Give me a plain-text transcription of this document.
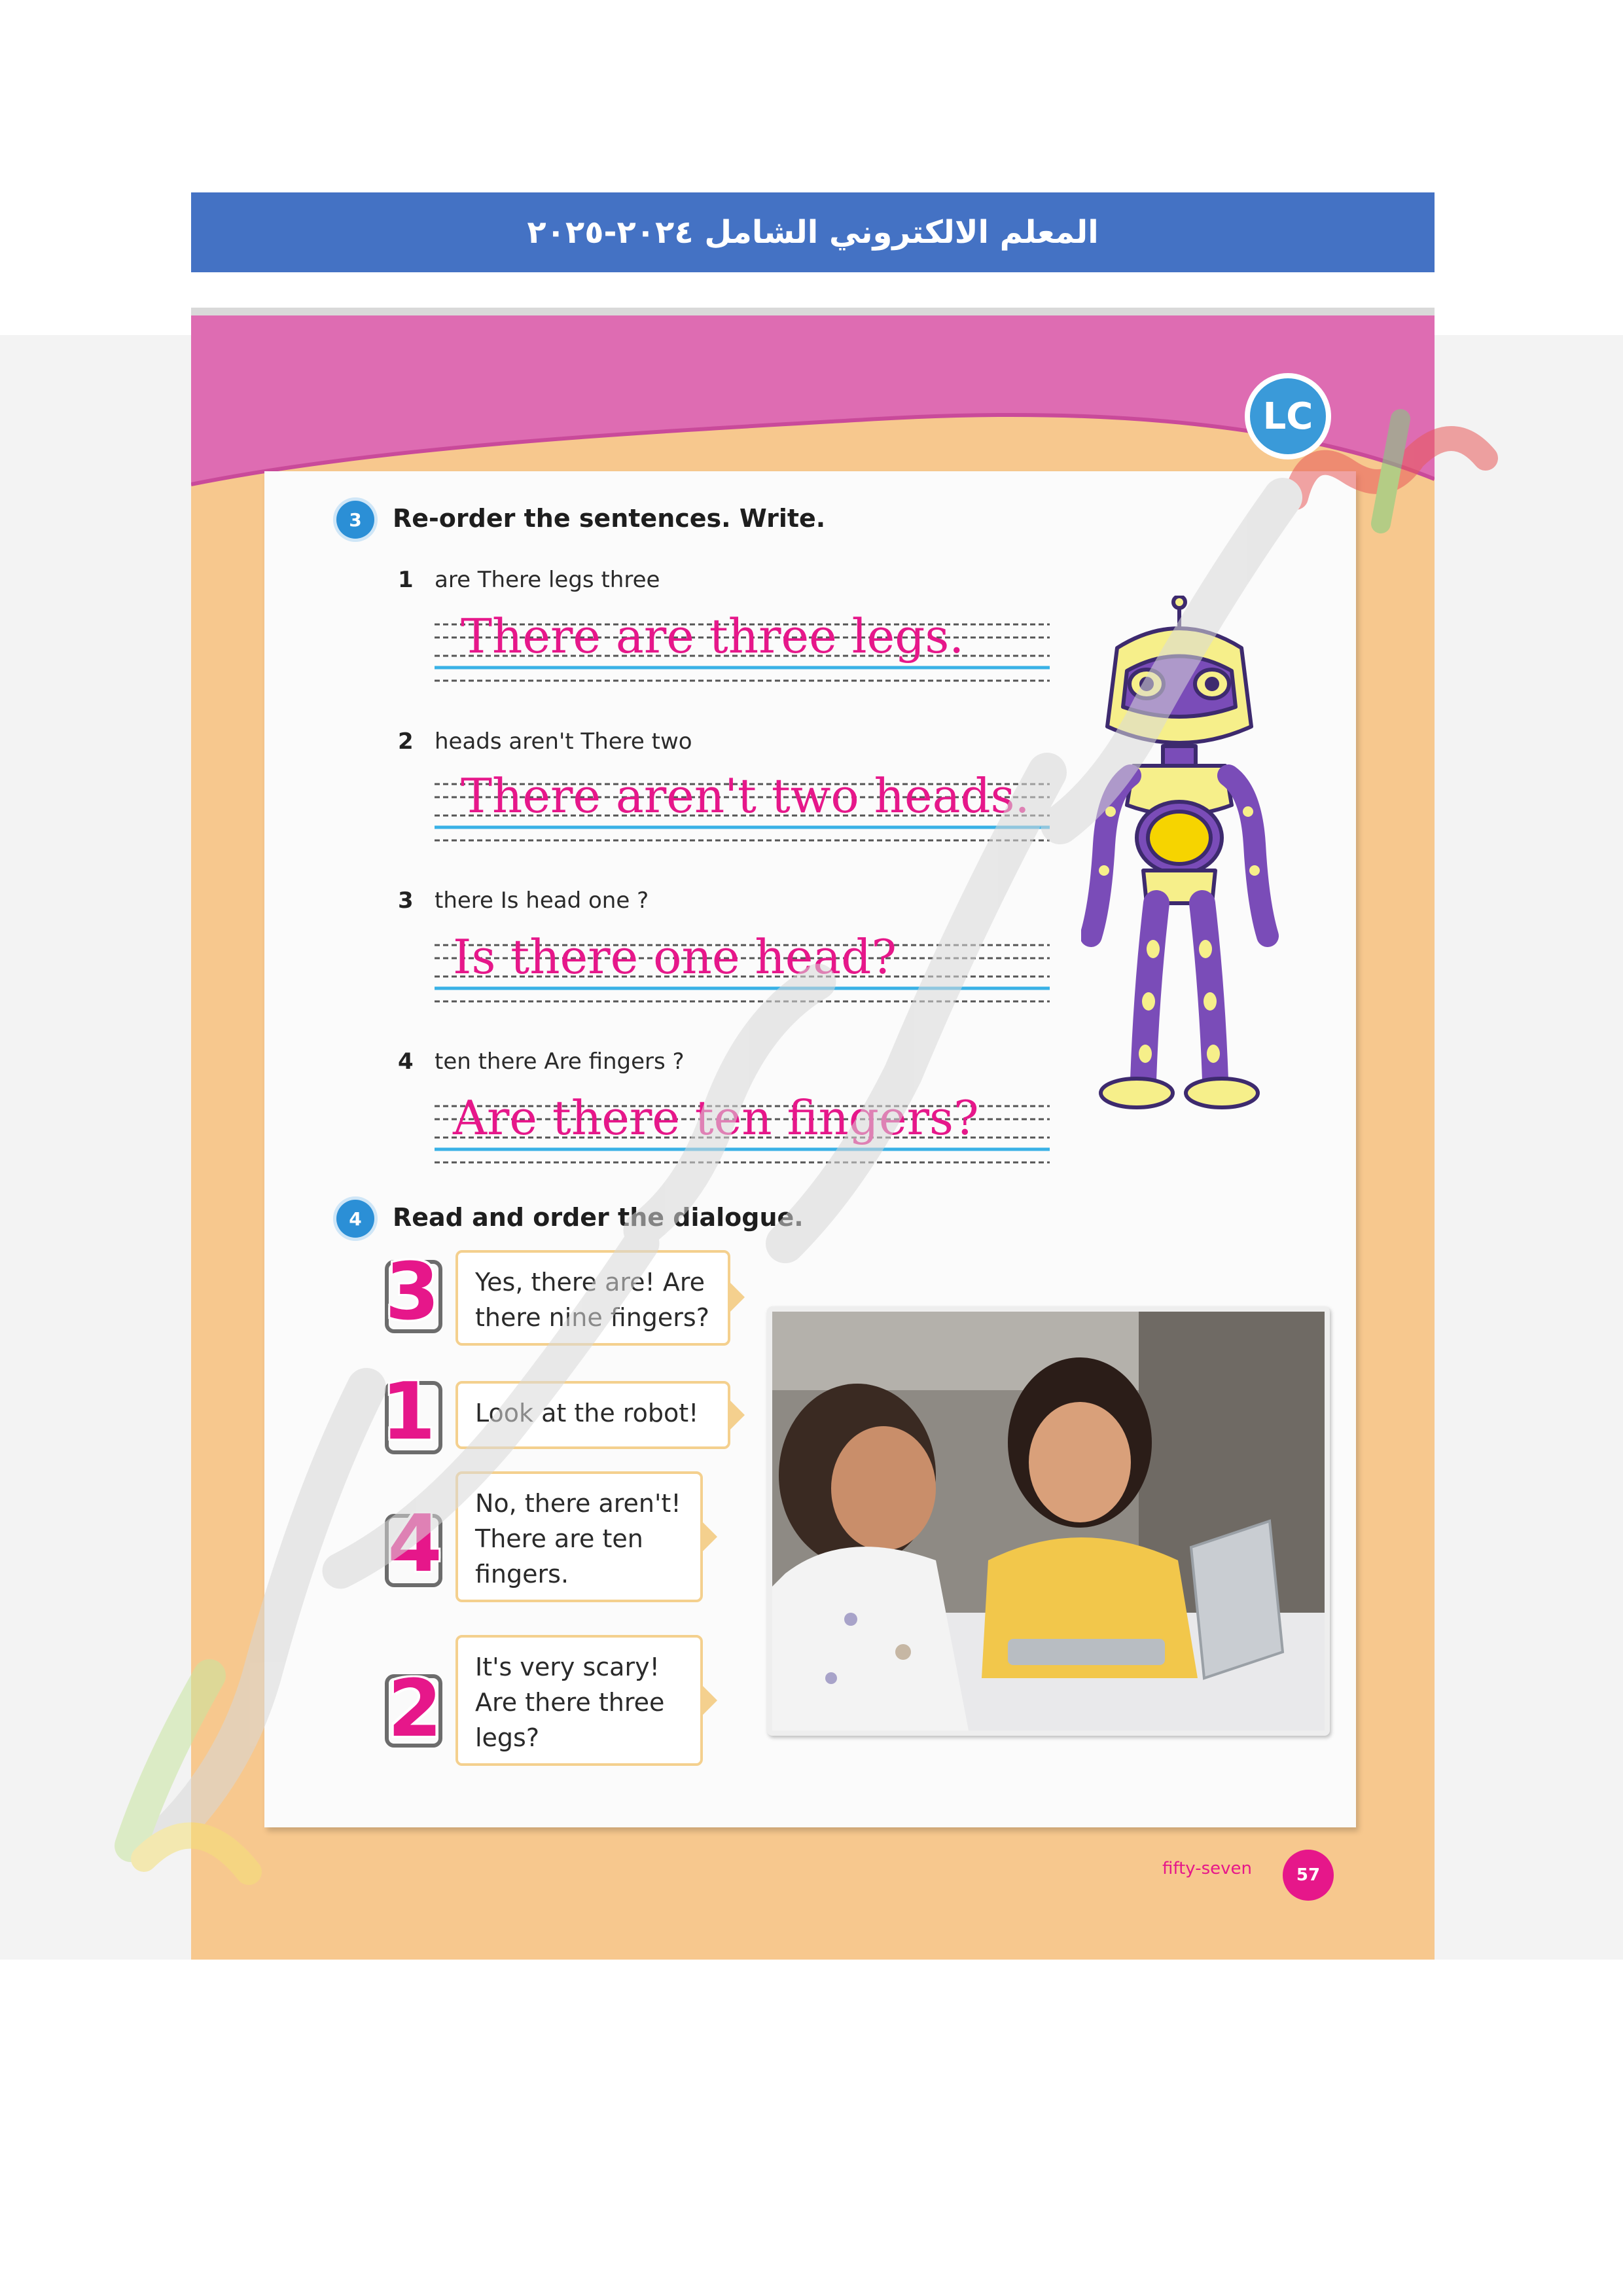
المعلم الالكتروني الشامل ٢٠٢٤-٢٠٢٥
LC
3	Re-order the sentences. Write.
1 are There legs three
There are three legs.
2 heads aren't There two
There aren't two heads.
3 there Is head one ?
Is there one head?
4 ten there Are fingers ?
Are there ten fingers?
4	Read and order the dialogue.
3	Yes, there are! Are
there nine fingers?
1	Look at the robot!
4	No, there aren't!
There are ten
fingers.
2	It's very scary!
Are there three
legs?
fifty-seven	57
